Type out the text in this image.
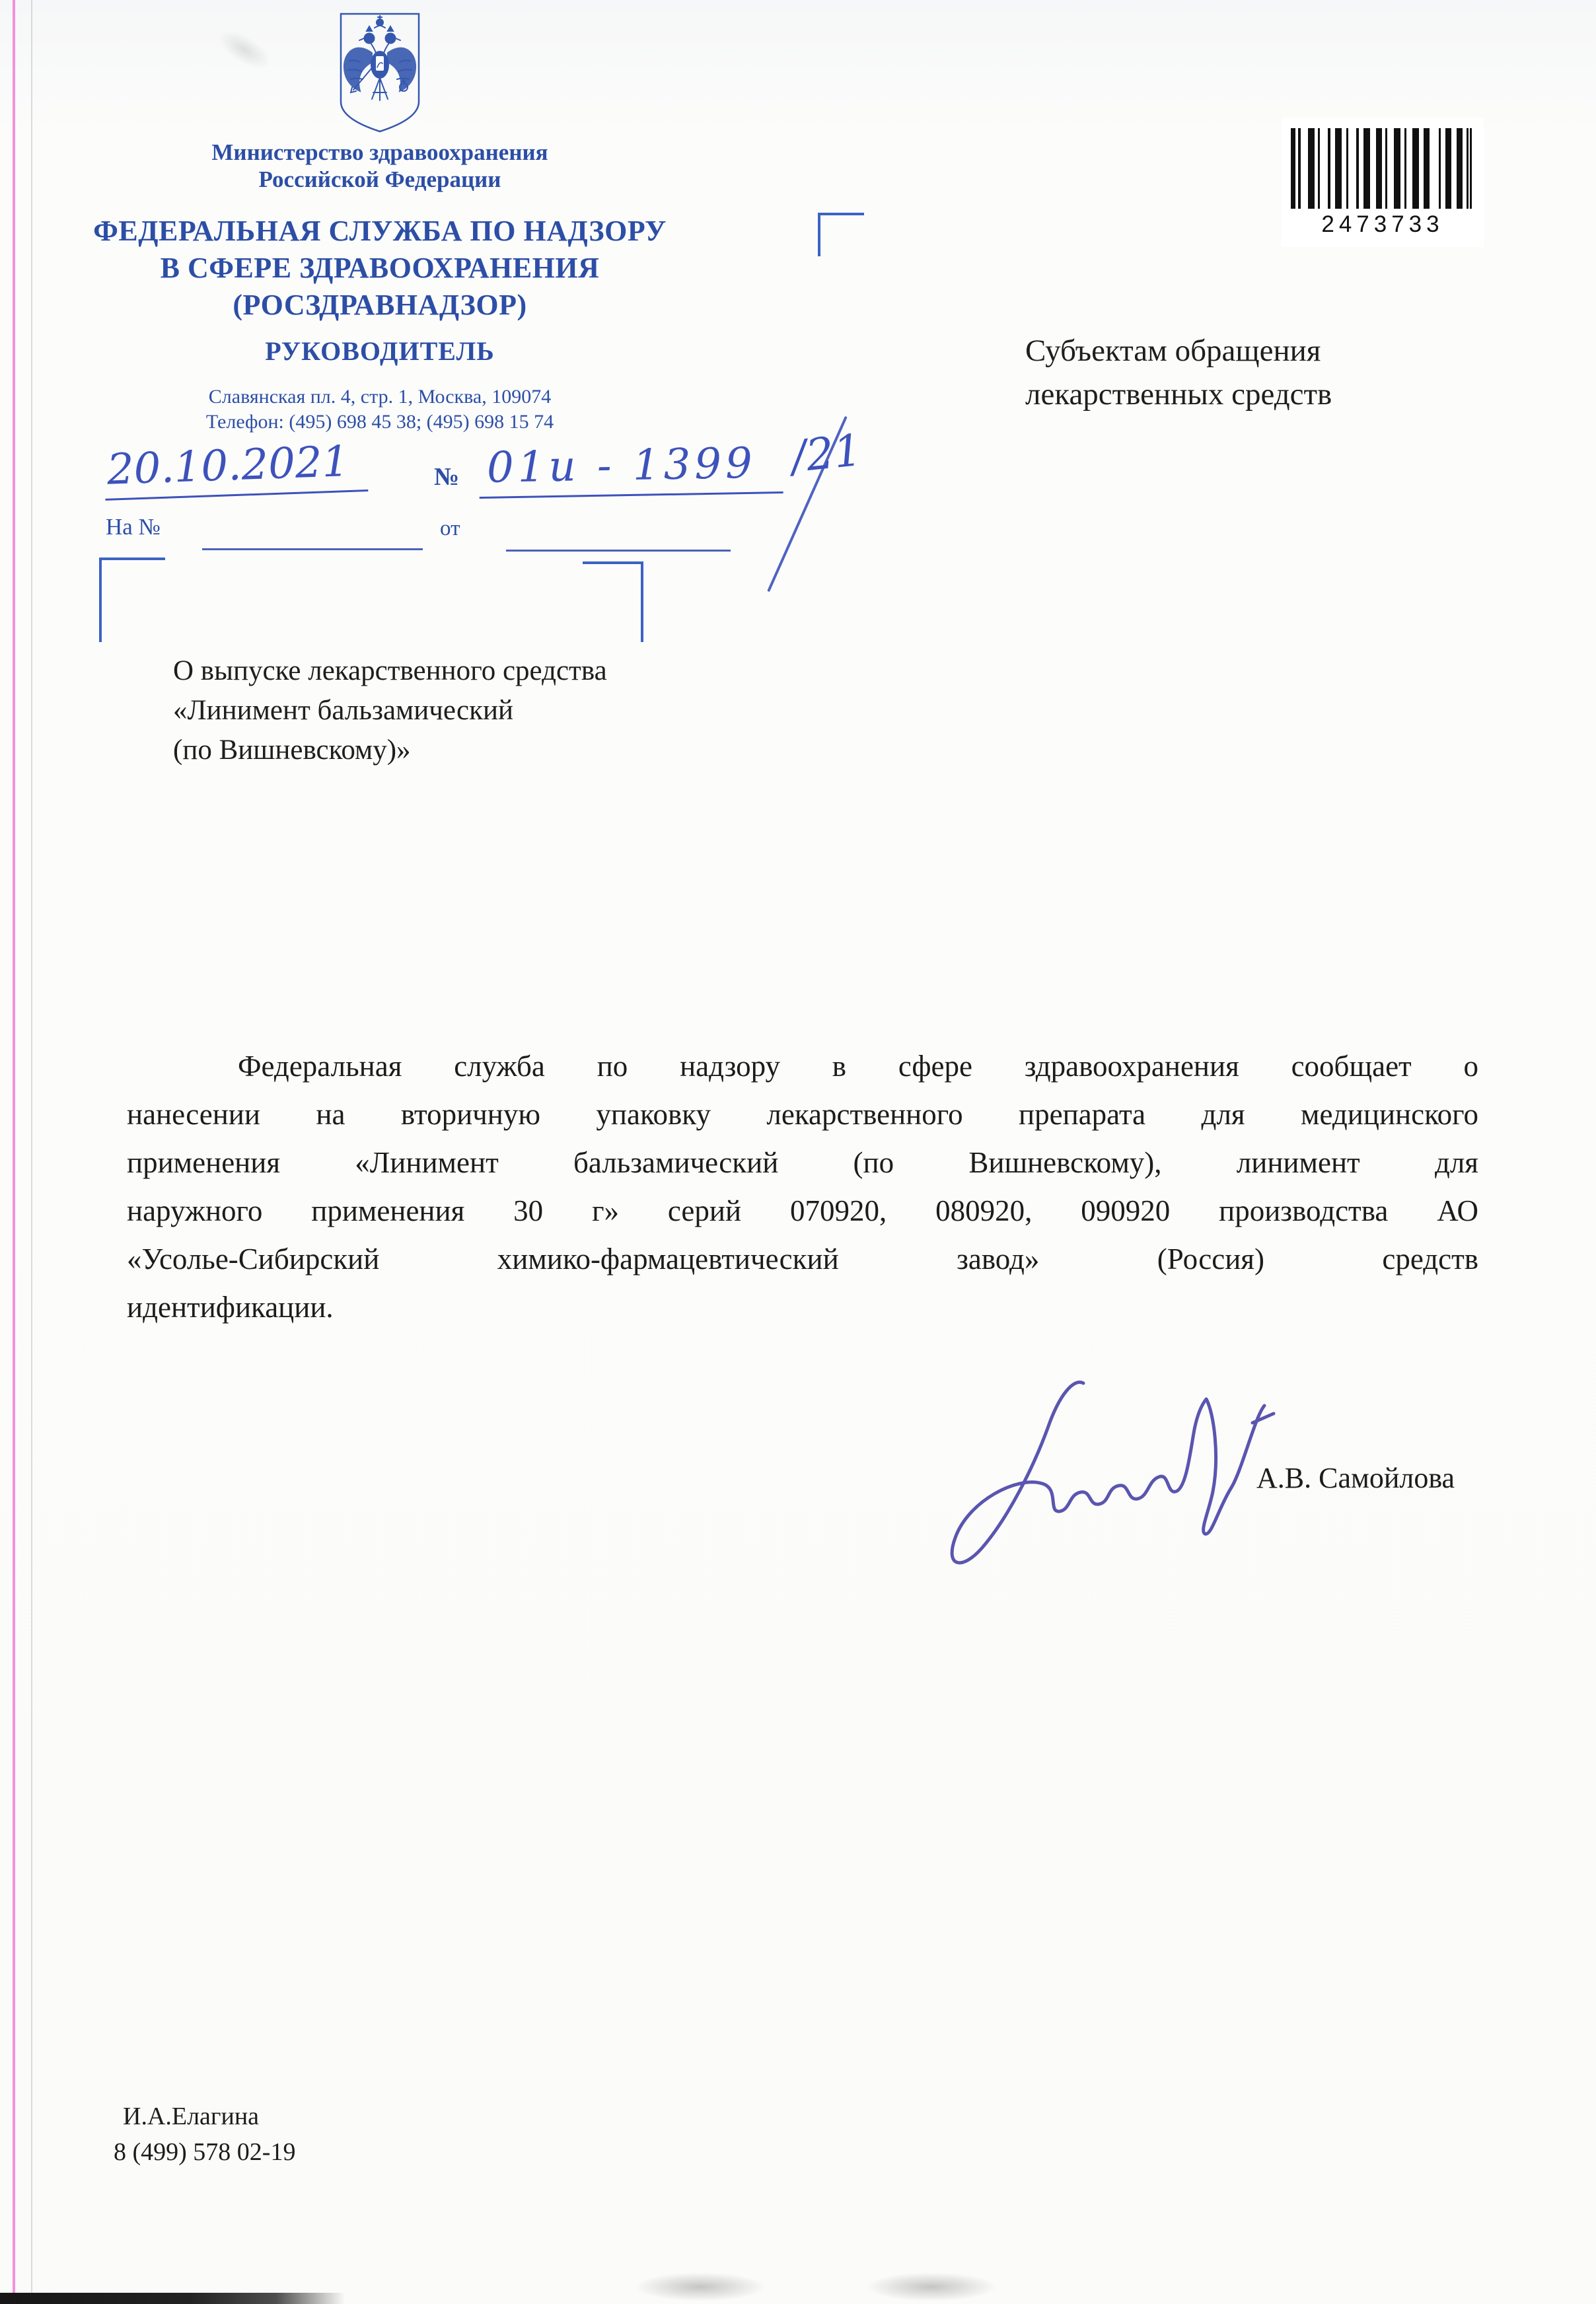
Министерство здравоохранения
Российской Федерации
ФЕДЕРАЛЬНАЯ СЛУЖБА ПО НАДЗОРУ
В СФЕРЕ ЗДРАВООХРАНЕНИЯ
(РОСЗДРАВНАДЗОР)
РУКОВОДИТЕЛЬ
Славянская пл. 4, стр. 1, Москва, 109074
Телефон: (495) 698 45 38; (495) 698 15 74
20.10.2021	№ 01и - 1399 /21
На №	от
2473733
Субъектам обращения
лекарственных средств
О выпуске лекарственного средства
«Линимент бальзамический
(по Вишневскому)»
Федеральная служба по надзору в сфере здравоохранения сообщает о
нанесении на вторичную упаковку лекарственного препарата для медицинского
применения «Линимент бальзамический (по Вишневскому), линимент для
наружного применения 30 г» серий 070920, 080920, 090920 производства АО
«Усолье-Сибирский химико-фармацевтический завод» (Россия) средств
идентификации.
А.В. Самойлова
И.А.Елагина
8 (499) 578 02-19
